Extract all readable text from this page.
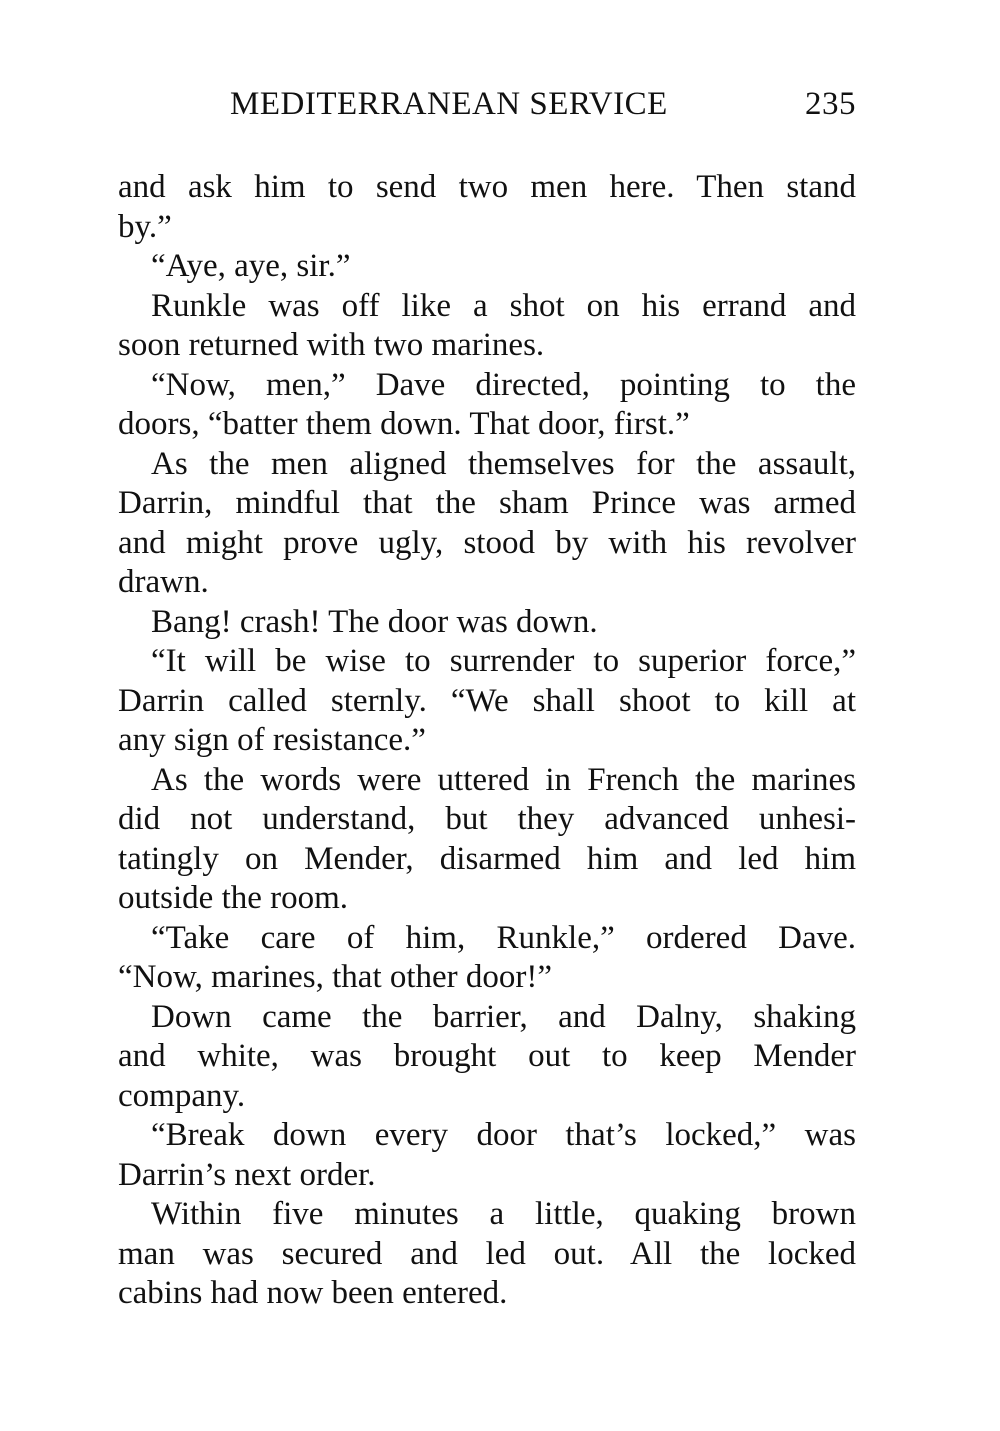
MEDITERRANEAN SERVICE	235
and ask him to send two men here. Then stand
by.”
“Aye, aye, sir.”
Runkle was off like a shot on his errand and
soon returned with two marines.
“Now, men,” Dave directed, pointing to the
doors, “batter them down. That door, first.”
As the men aligned themselves for the assault,
Darrin, mindful that the sham Prince was armed
and might prove ugly, stood by with his revolver
drawn.
Bang! crash! The door was down.
“It will be wise to surrender to superior force,”
Darrin called sternly. “We shall shoot to kill at
any sign of resistance.”
As the words were uttered in French the marines
did not understand, but they advanced unhesi-
tatingly on Mender, disarmed him and led him
outside the room.
“Take care of him, Runkle,” ordered Dave.
“Now, marines, that other door!”
Down came the barrier, and Dalny, shaking
and white, was brought out to keep Mender
company.
“Break down every door that’s locked,” was
Darrin’s next order.
Within five minutes a little, quaking brown
man was secured and led out. All the locked
cabins had now been entered.
